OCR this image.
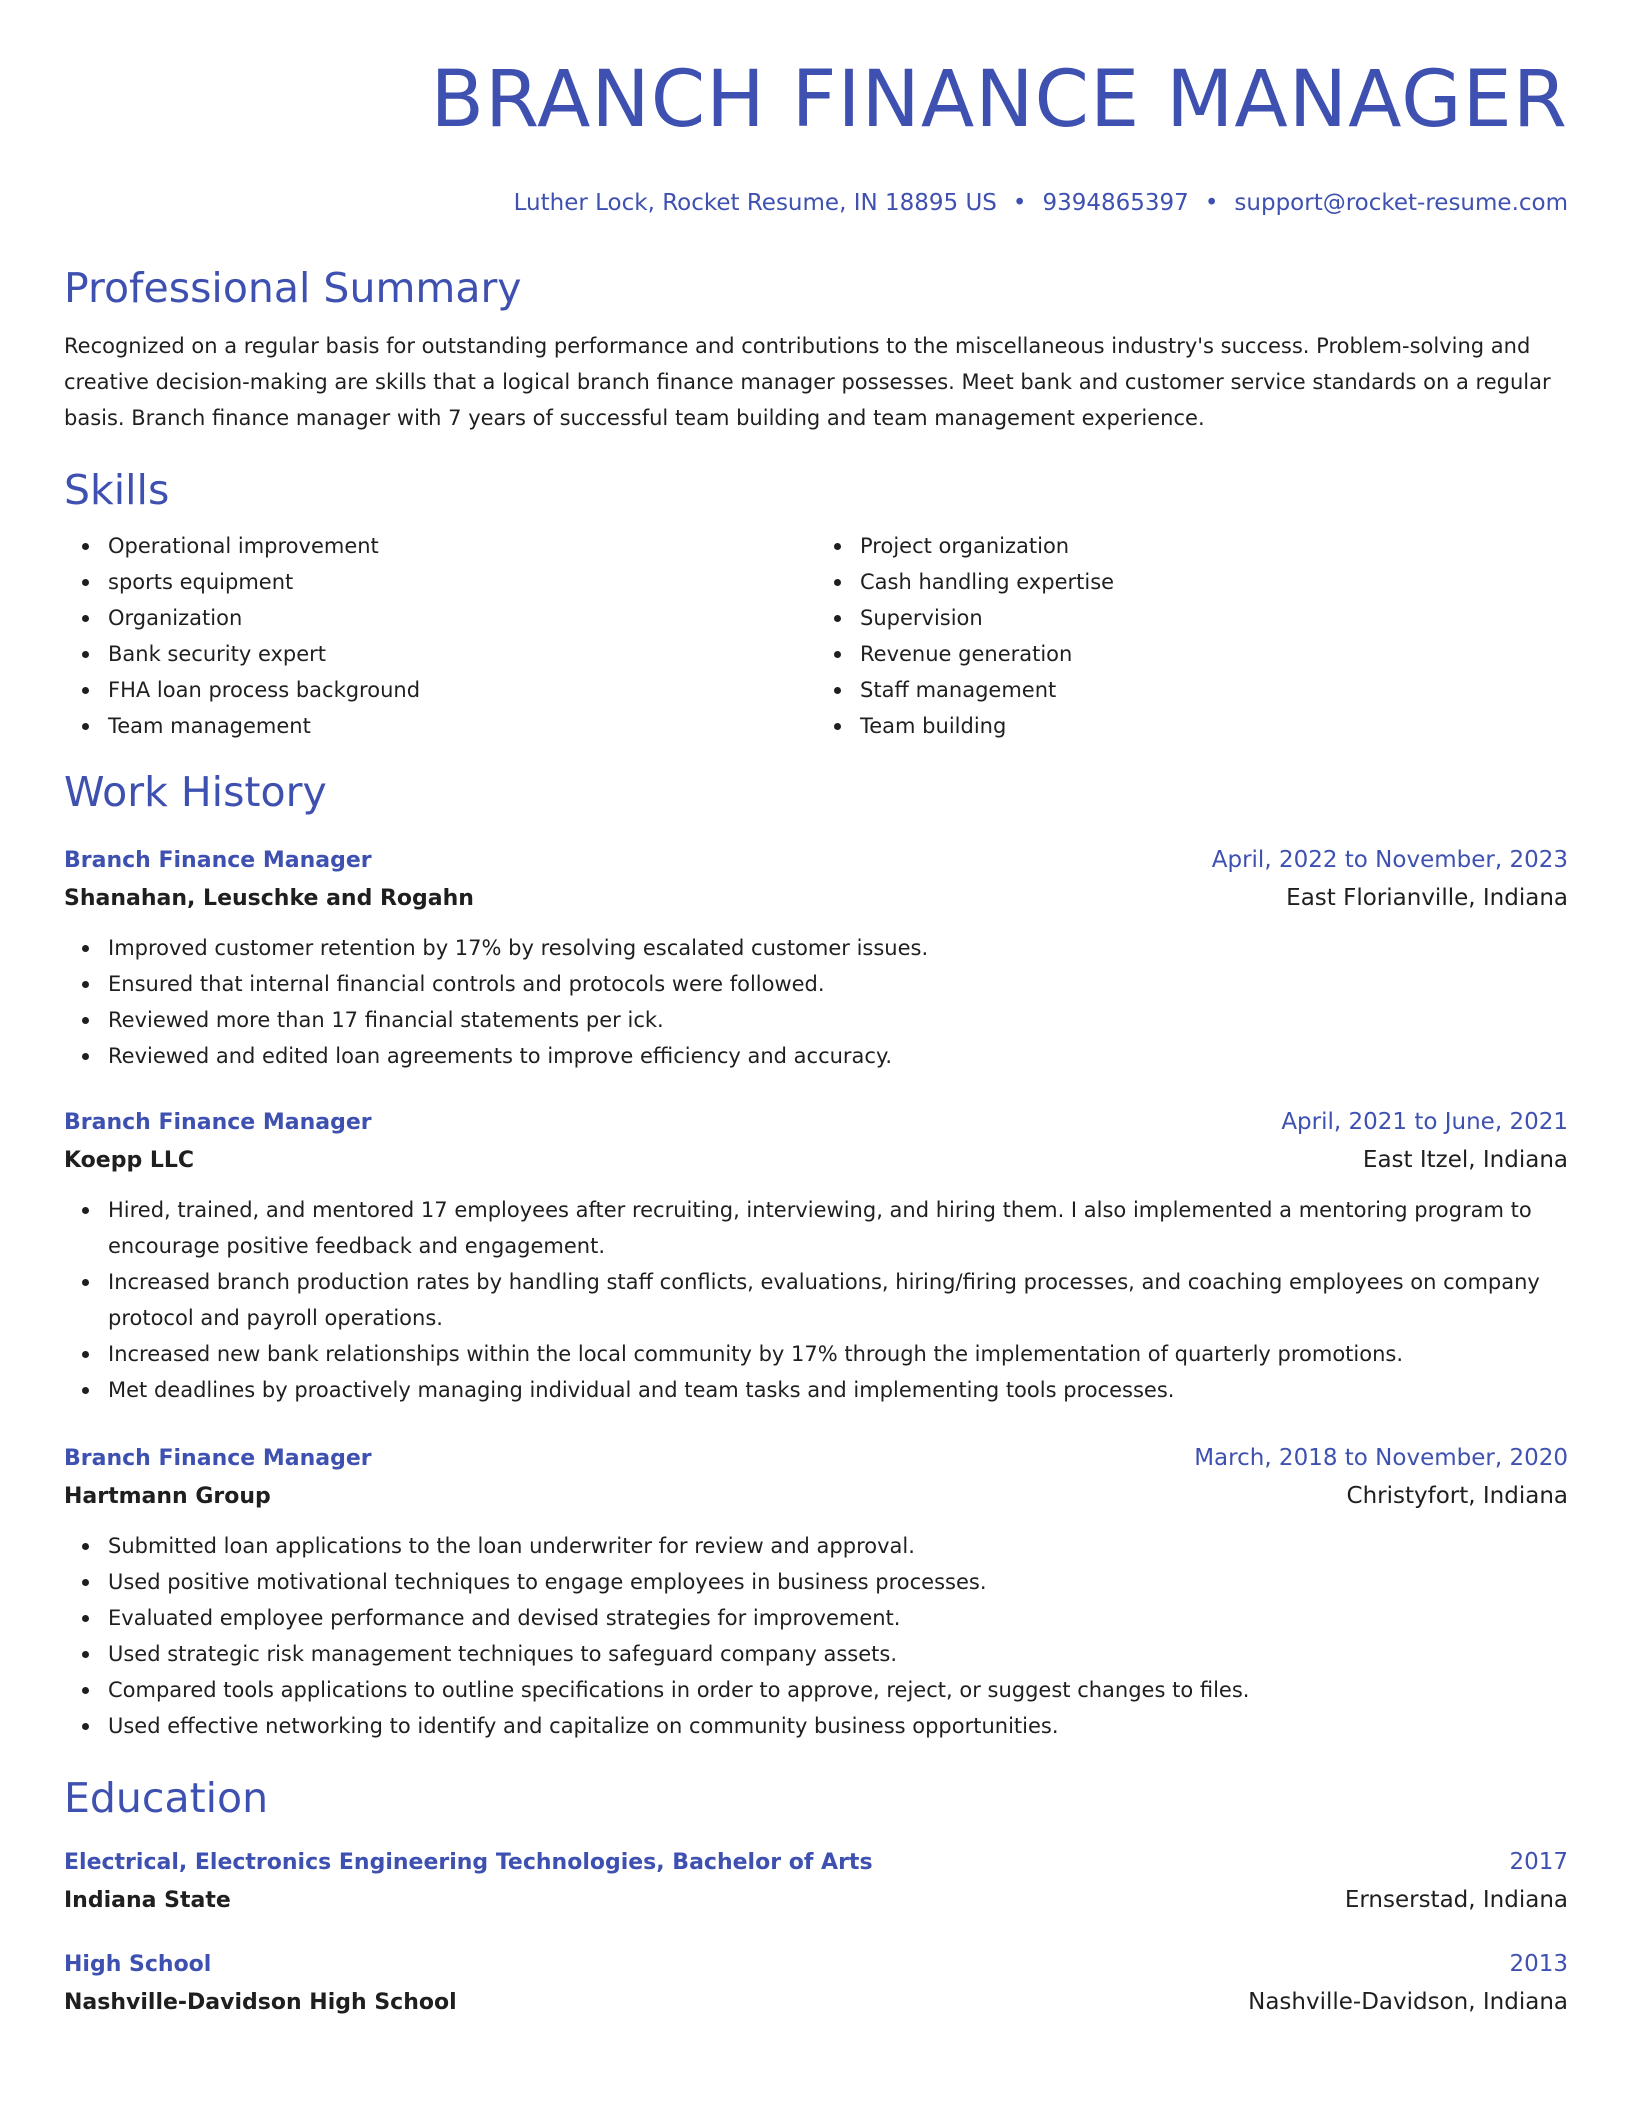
BRANCH FINANCE MANAGER
Luther Lock, Rocket Resume, IN 18895 US • 9394865397 • support@rocket-resume.com
Professional Summary
Recognized on a regular basis for outstanding performance and contributions to the miscellaneous industry's success. Problem-solving and creative decision-making are skills that a logical branch finance manager possesses. Meet bank and customer service standards on a regular basis. Branch finance manager with 7 years of successful team building and team management experience.
Skills
Operational improvement
sports equipment
Organization
Bank security expert
FHA loan process background
Team management
Project organization
Cash handling expertise
Supervision
Revenue generation
Staff management
Team building
Work History
Branch Finance Manager	April, 2022 to November, 2023
Shanahan, Leuschke and Rogahn	East Florianville, Indiana
Improved customer retention by 17% by resolving escalated customer issues.
Ensured that internal financial controls and protocols were followed.
Reviewed more than 17 financial statements per ick.
Reviewed and edited loan agreements to improve efficiency and accuracy.
Branch Finance Manager	April, 2021 to June, 2021
Koepp LLC	East Itzel, Indiana
Hired, trained, and mentored 17 employees after recruiting, interviewing, and hiring them. I also implemented a mentoring program to encourage positive feedback and engagement.
Increased branch production rates by handling staff conflicts, evaluations, hiring/firing processes, and coaching employees on company protocol and payroll operations.
Increased new bank relationships within the local community by 17% through the implementation of quarterly promotions.
Met deadlines by proactively managing individual and team tasks and implementing tools processes.
Branch Finance Manager	March, 2018 to November, 2020
Hartmann Group	Christyfort, Indiana
Submitted loan applications to the loan underwriter for review and approval.
Used positive motivational techniques to engage employees in business processes.
Evaluated employee performance and devised strategies for improvement.
Used strategic risk management techniques to safeguard company assets.
Compared tools applications to outline specifications in order to approve, reject, or suggest changes to files.
Used effective networking to identify and capitalize on community business opportunities.
Education
Electrical, Electronics Engineering Technologies, Bachelor of Arts	2017
Indiana State	Ernserstad, Indiana
High School	2013
Nashville-Davidson High School	Nashville-Davidson, Indiana
